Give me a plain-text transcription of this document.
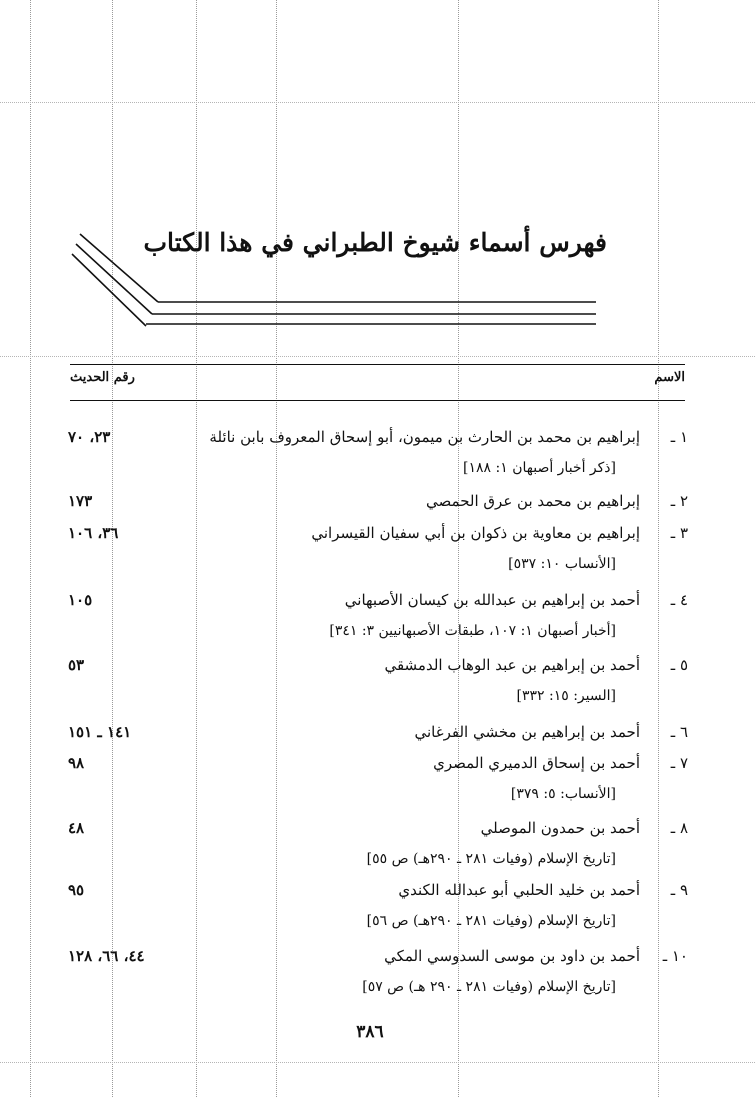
فهرس أسماء شيوخ الطبراني في هذا الكتاب
الاسم
رقم الحديث
١ ـ
إبراهيم بن محمد بن الحارث بن ميمون، أبو إسحاق المعروف بابن نائلة
٢٣، ٧٠
[ذكر أخبار أصبهان ١: ١٨٨]
٢ ـ
إبراهيم بن محمد بن عرق الحمصي
١٧٣
٣ ـ
إبراهيم بن معاوية بن ذكوان بن أبي سفيان القيسراني
٣٦، ١٠٦
[الأنساب ١٠: ٥٣٧]
٤ ـ
أحمد بن إبراهيم بن عبدالله بن كيسان الأصبهاني
١٠٥
[أخبار أصبهان ١: ١٠٧، طبقات الأصبهانيين ٣: ٣٤١]
٥ ـ
أحمد بن إبراهيم بن عبد الوهاب الدمشقي
٥٣
[السير: ١٥: ٣٣٢]
٦ ـ
أحمد بن إبراهيم بن مخشي الفرغاني
١٤١ ـ ١٥١
٧ ـ
أحمد بن إسحاق الدميري المصري
٩٨
[الأنساب: ٥: ٣٧٩]
٨ ـ
أحمد بن حمدون الموصلي
٤٨
[تاريخ الإسلام (وفيات ٢٨١ ـ ٢٩٠هـ) ص ٥٥]
٩ ـ
أحمد بن خليد الحلبي أبو عبدالله الكندي
٩٥
[تاريخ الإسلام (وفيات ٢٨١ ـ ٢٩٠هـ) ص ٥٦]
١٠ ـ
أحمد بن داود بن موسى السدوسي المكي
٤٤، ٦٦، ١٢٨
[تاريخ الإسلام (وفيات ٢٨١ ـ ٢٩٠ هـ) ص ٥٧]
٣٨٦
